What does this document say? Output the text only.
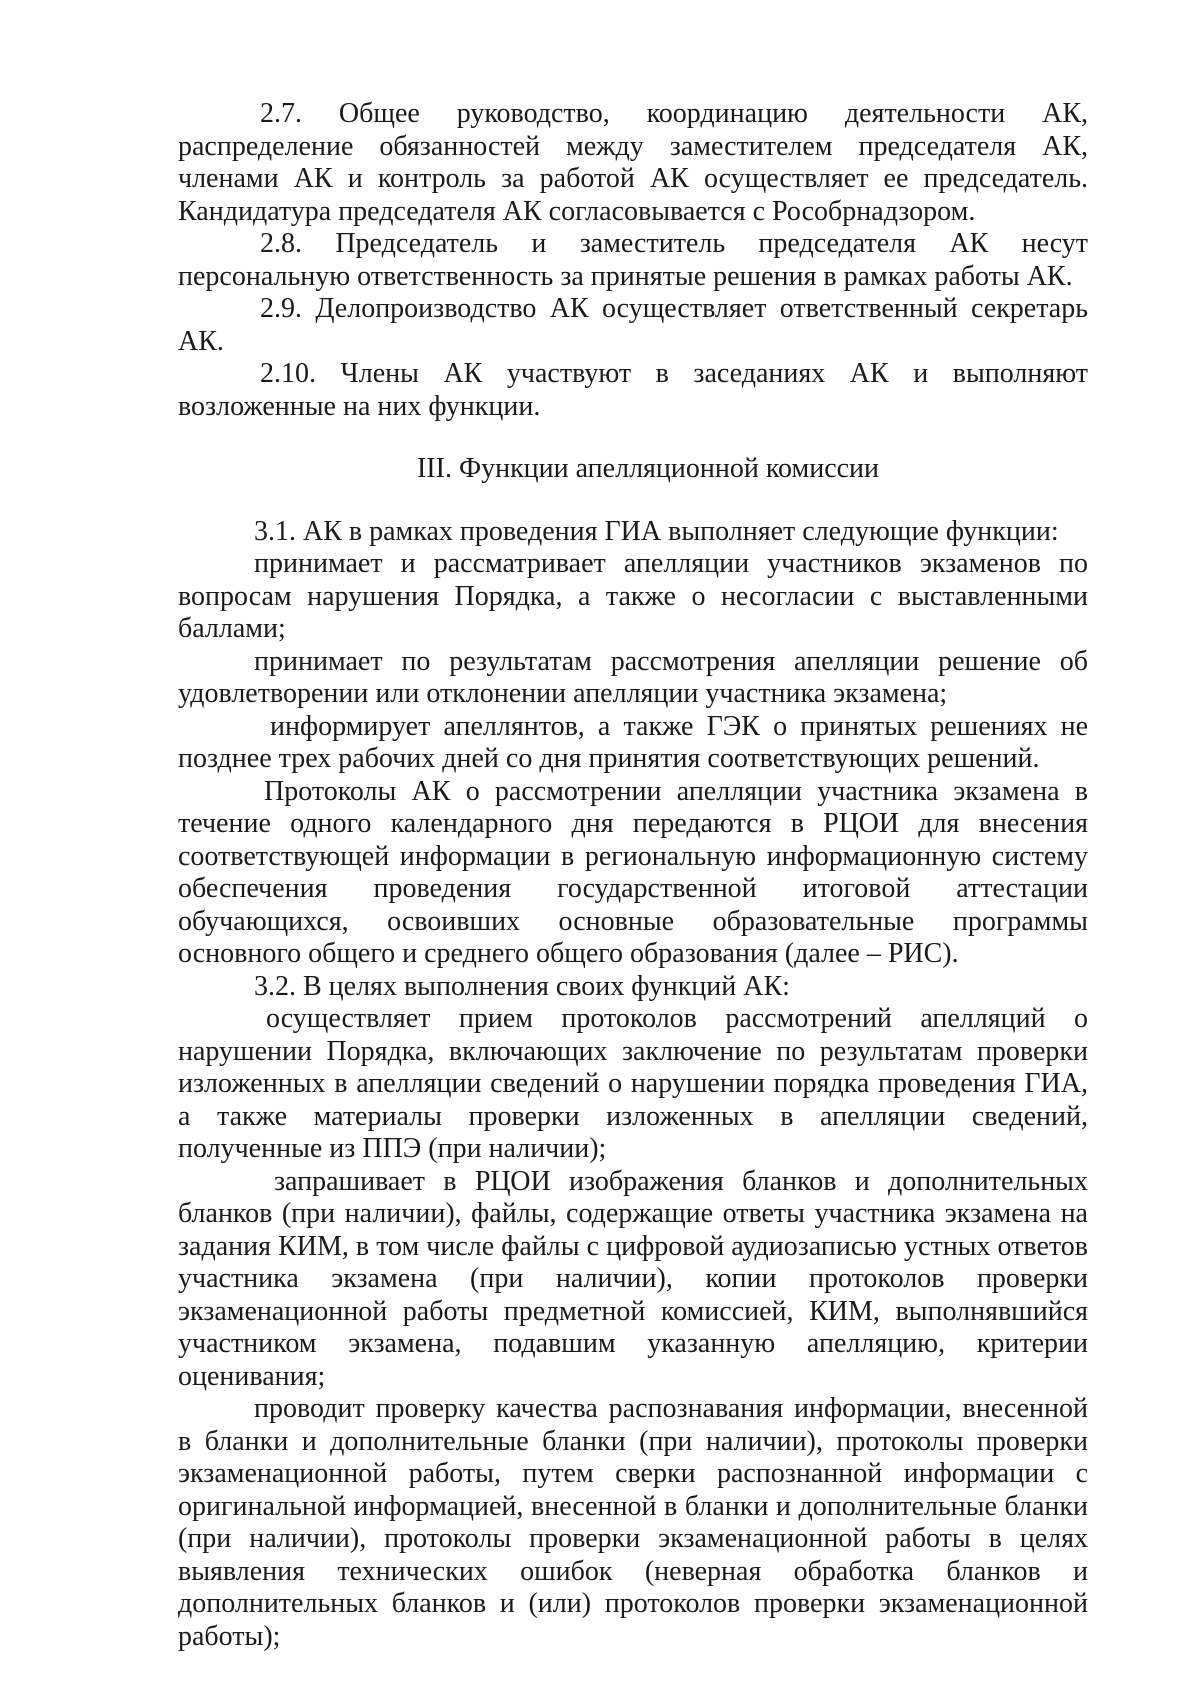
2.7. Общее руководство, координацию деятельности АК, распределение обязанностей между заместителем председателя АК, членами АК и контроль за работой АК осуществляет ее председатель. Кандидатура председателя АК согласовывается с Рособрнадзором.

2.8. Председатель и заместитель председателя АК несут персональную ответственность за принятые решения в рамках работы АК.

2.9. Делопроизводство АК осуществляет ответственный секретарь АК.

2.10. Члены АК участвуют в заседаниях АК и выполняют возложенные на них функции.

III. Функции апелляционной комиссии

3.1. АК в рамках проведения ГИА выполняет следующие функции:

принимает и рассматривает апелляции участников экзаменов по вопросам нарушения Порядка, а также о несогласии с выставленными баллами;

принимает по результатам рассмотрения апелляции решение об удовлетворении или отклонении апелляции участника экзамена;

информирует апеллянтов, а также ГЭК о принятых решениях не позднее трех рабочих дней со дня принятия соответствующих решений.

Протоколы АК о рассмотрении апелляции участника экзамена в течение одного календарного дня передаются в РЦОИ для внесения соответствующей информации в региональную информационную систему обеспечения проведения государственной итоговой аттестации обучающихся, освоивших основные образовательные программы основного общего и среднего общего образования (далее – РИС).

3.2. В целях выполнения своих функций АК:

осуществляет прием протоколов рассмотрений апелляций о нарушении Порядка, включающих заключение по результатам проверки изложенных в апелляции сведений о нарушении порядка проведения ГИА, а также материалы проверки изложенных в апелляции сведений, полученные из ППЭ (при наличии);

запрашивает в РЦОИ изображения бланков и дополнительных бланков (при наличии), файлы, содержащие ответы участника экзамена на задания КИМ, в том числе файлы с цифровой аудиозаписью устных ответов участника экзамена (при наличии), копии протоколов проверки экзаменационной работы предметной комиссией, КИМ, выполнявшийся участником экзамена, подавшим указанную апелляцию, критерии оценивания;

проводит проверку качества распознавания информации, внесенной в бланки и дополнительные бланки (при наличии), протоколы проверки экзаменационной работы, путем сверки распознанной информации с оригинальной информацией, внесенной в бланки и дополнительные бланки (при наличии), протоколы проверки экзаменационной работы в целях выявления технических ошибок (неверная обработка бланков и дополнительных бланков и (или) протоколов проверки экзаменационной работы);
